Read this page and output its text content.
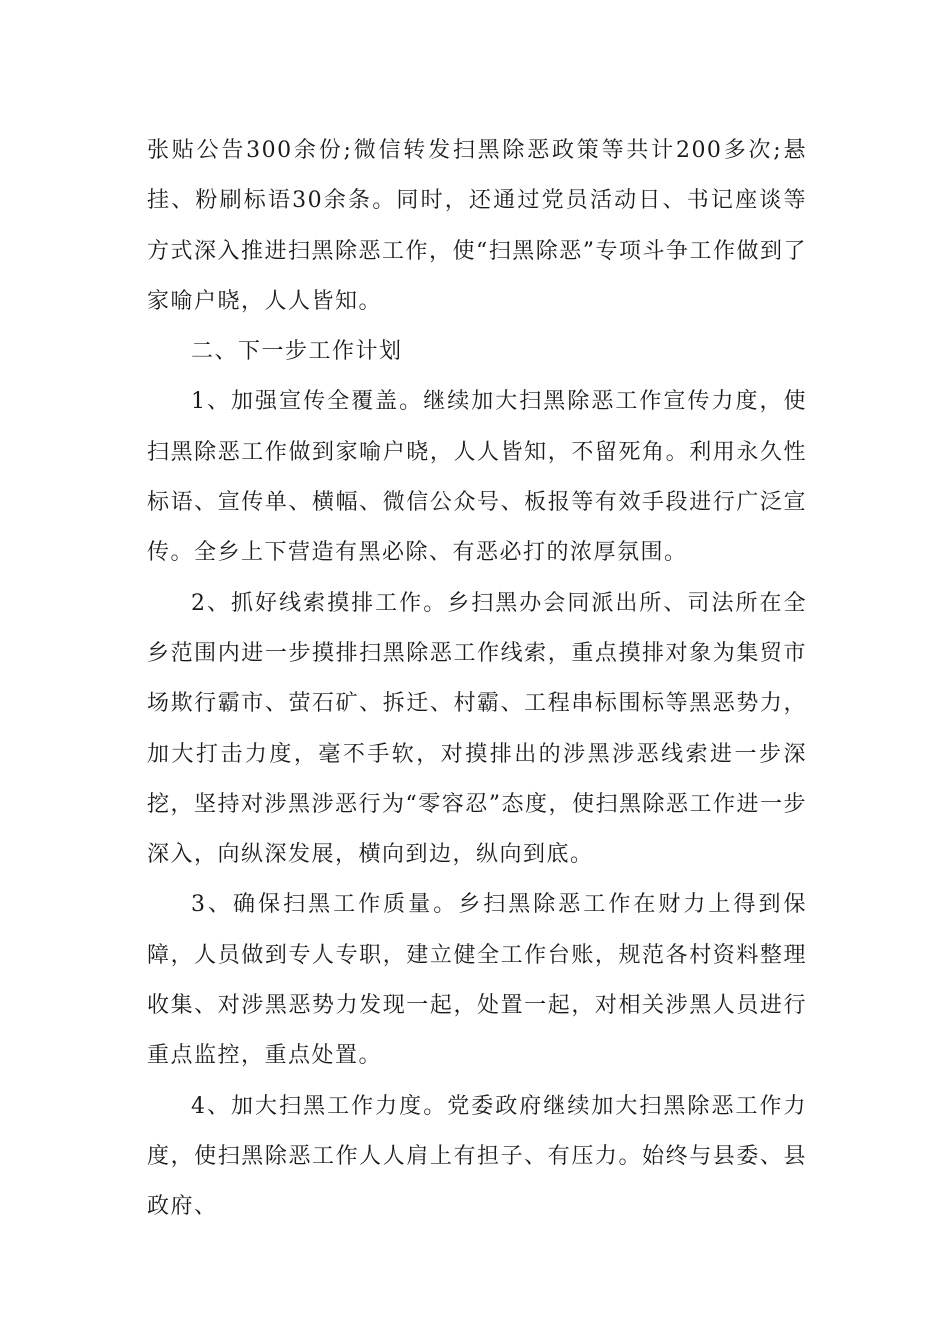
张贴公告300余份;微信转发扫黑除恶政策等共计200多次;悬挂、粉刷标语30余条。同时，还通过党员活动日、书记座谈等方式深入推进扫黑除恶工作，使“扫黑除恶”专项斗争工作做到了家喻户晓，人人皆知。

二、下一步工作计划

1、加强宣传全覆盖。继续加大扫黑除恶工作宣传力度，使扫黑除恶工作做到家喻户晓，人人皆知，不留死角。利用永久性标语、宣传单、横幅、微信公众号、板报等有效手段进行广泛宣传。全乡上下营造有黑必除、有恶必打的浓厚氛围。

2、抓好线索摸排工作。乡扫黑办会同派出所、司法所在全乡范围内进一步摸排扫黑除恶工作线索，重点摸排对象为集贸市场欺行霸市、萤石矿、拆迁、村霸、工程串标围标等黑恶势力，加大打击力度，毫不手软，对摸排出的涉黑涉恶线索进一步深挖，坚持对涉黑涉恶行为“零容忍”态度，使扫黑除恶工作进一步深入，向纵深发展，横向到边，纵向到底。

3、确保扫黑工作质量。乡扫黑除恶工作在财力上得到保障，人员做到专人专职，建立健全工作台账，规范各村资料整理收集、对涉黑恶势力发现一起，处置一起，对相关涉黑人员进行重点监控，重点处置。

4、加大扫黑工作力度。党委政府继续加大扫黑除恶工作力度，使扫黑除恶工作人人肩上有担子、有压力。始终与县委、县政府、
